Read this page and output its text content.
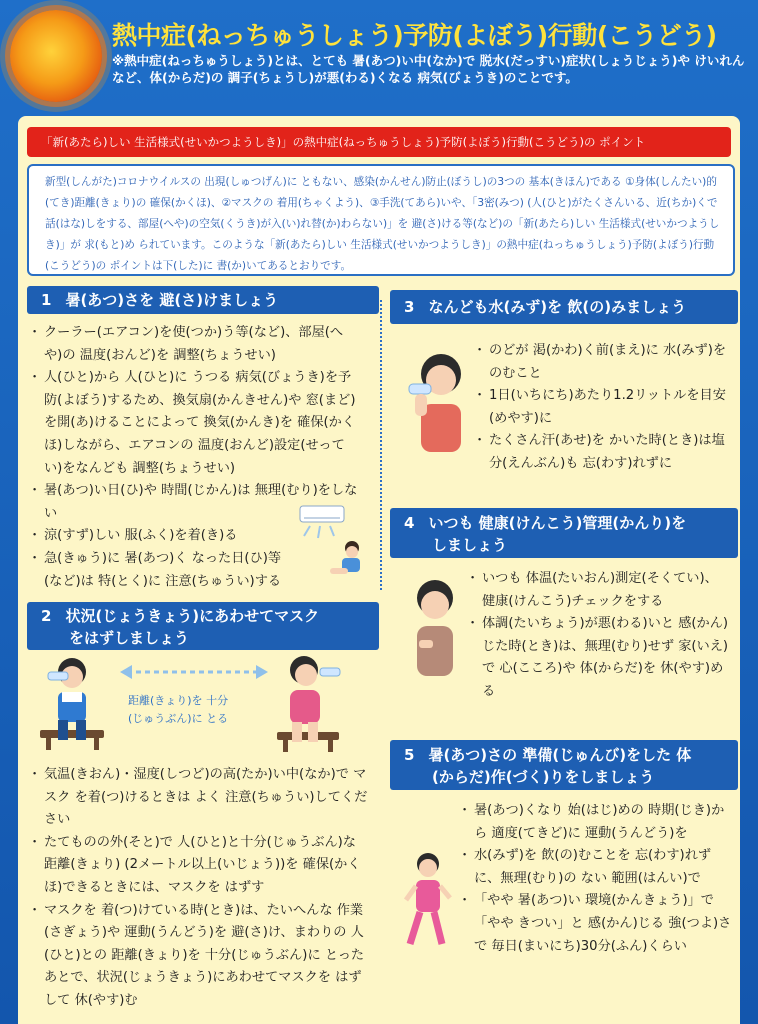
熱中症(ねっちゅうしょう)予防(よぼう)行動(こうどう)
※熱中症(ねっちゅうしょう)とは、とても 暑(あつ)い中(なか)で 脱水(だっすい)症状(しょうじょう)や けいれんなど、体(からだ)の 調子(ちょうし)が悪(わる)くなる 病気(びょうき)のことです。
「新(あたら)しい 生活様式(せいかつようしき)」の熱中症(ねっちゅうしょう)予防(よぼう)行動(こうどう)の ポイント
新型(しんがた)コロナウイルスの 出現(しゅつげん)に ともない、感染(かんせん)防止(ぼうし)の3つの 基本(きほん)である ①身体(しんたい)的(てき)距離(きょり)の 確保(かくほ)、②マスクの 着用(ちゃくよう)、③手洗(てあら)いや、「3密(みつ) (人(ひと)がたくさんいる、近(ちか)くで話(はな)しをする、部屋(へや)の空気(くうき)が入(い)れ替(か)わらない)」を 避(さ)ける等(など)の「新(あたら)しい 生活様式(せいかつようしき)」が 求(もと)め られています。このような「新(あたら)しい 生活様式(せいかつようしき)」の熱中症(ねっちゅうしょう)予防(よぼう)行動(こうどう)の ポイントは下(した)に 書(か)いてあるとおりです。
1 暑(あつ)さを 避(さ)けましょう
・ クーラー(エアコン)を使(つか)う等(など)、部屋(へや)の 温度(おんど)を 調整(ちょうせい)
・ 人(ひと)から 人(ひと)に うつる 病気(びょうき)を予防(よぼう)するため、換気扇(かんきせん)や 窓(まど)を開(あ)けることによって 換気(かんき)を 確保(かくほ)しながら、エアコンの 温度(おんど)設定(せってい)をなんども 調整(ちょうせい)
・ 暑(あつ)い日(ひ)や 時間(じかん)は 無理(むり)をしない
・ 涼(すず)しい 服(ふく)を着(き)る
・ 急(きゅう)に 暑(あつ)く なった日(ひ)等(など)は 特(とく)に 注意(ちゅうい)する
2 状況(じょうきょう)にあわせてマスク
をはずしましょう
距離(きょり)を 十分
(じゅうぶん)に とる
・ 気温(きおん)・湿度(しつど)の高(たか)い中(なか)で マスク を着(つ)けるときは よく 注意(ちゅうい)してください
・ たてものの外(そと)で 人(ひと)と十分(じゅうぶん)な 距離(きょり) (2メートル以上(いじょう))を 確保(かくほ)できるときには、マスクを はずす
・ マスクを 着(つ)けている時(とき)は、たいへんな 作業(さぎょう)や 運動(うんどう)を 避(さ)け、まわりの 人(ひと)との 距離(きょり)を 十分(じゅうぶん)に とった あとで、状況(じょうきょう)にあわせてマスクを はずして 休(やす)む
3 なんども水(みず)を 飲(の)みましょう
・ のどが 渇(かわ)く前(まえ)に 水(みず)を のむこと
・ 1日(いちにち)あたり1.2リットルを目安(めやす)に
・ たくさん汗(あせ)を かいた時(とき)は塩分(えんぶん)も 忘(わす)れずに
4 いつも 健康(けんこう)管理(かんり)を
しましょう
・ いつも 体温(たいおん)測定(そくてい)、健康(けんこう)チェックをする
・ 体調(たいちょう)が悪(わる)いと 感(かん)じた時(とき)は、無理(むり)せず 家(いえ)で 心(こころ)や 体(からだ)を 休(やす)める
5 暑(あつ)さの 準備(じゅんび)をした 体
(からだ)作(づく)りをしましょう
・ 暑(あつ)くなり 始(はじ)めの 時期(じき)から 適度(てきど)に 運動(うんどう)を
・ 水(みず)を 飲(の)むことを 忘(わす)れずに、無理(むり)の ない 範囲(はんい)で
・ 「やや 暑(あつ)い 環境(かんきょう)」で「やや きつい」と 感(かん)じる 強(つよ)さで 毎日(まいにち)30分(ふん)くらい
